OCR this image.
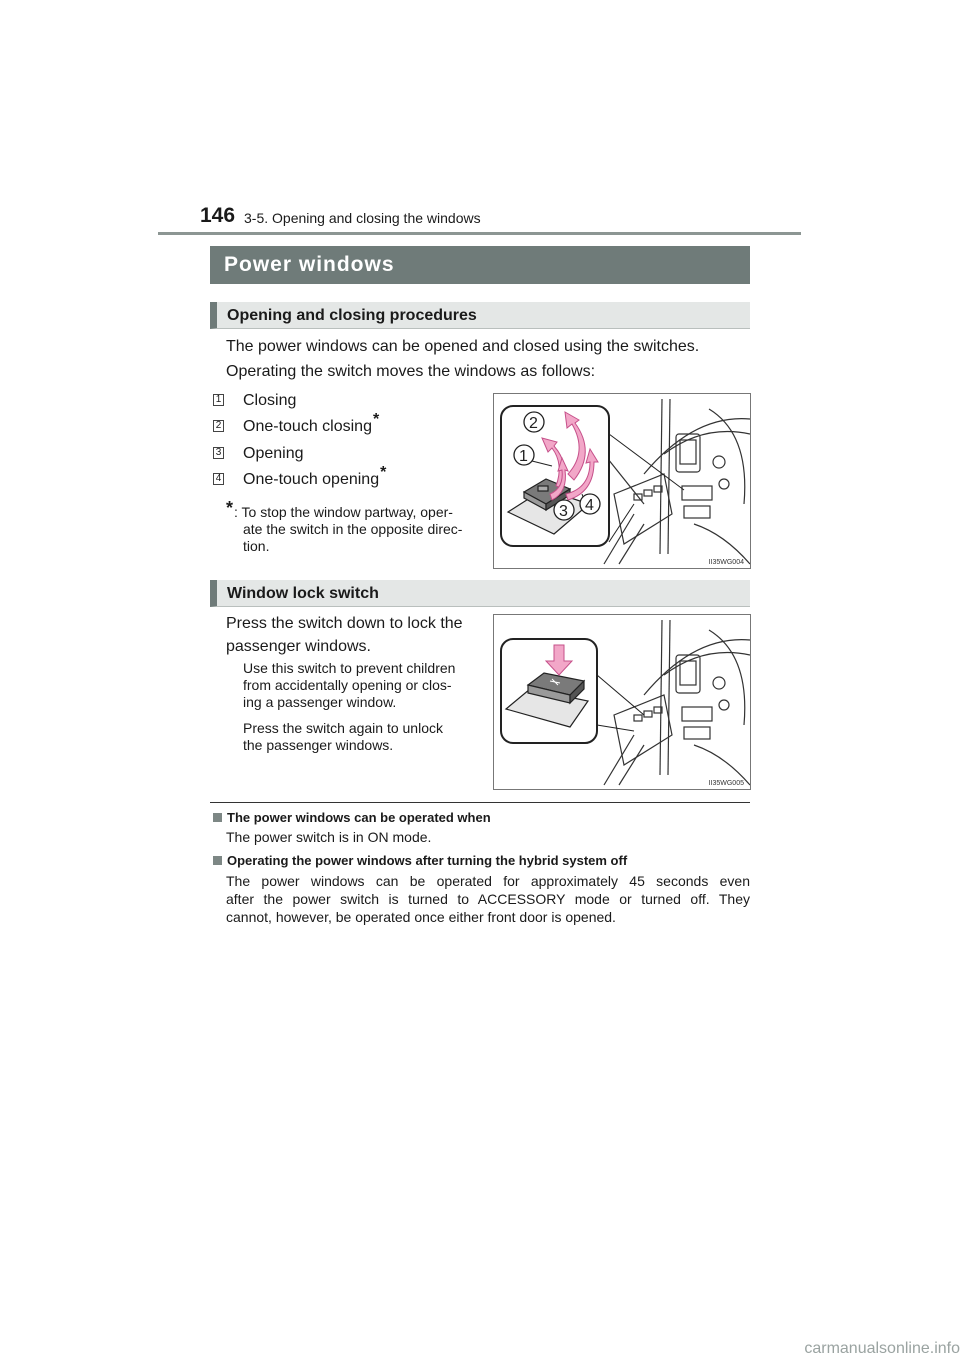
146 3-5. Opening and closing the windows
Power windows
Opening and closing procedures
The power windows can be opened and closed using the switches.
Operating the switch moves the windows as follows:
1 Closing
2 One-touch closing*
3 Opening
4 One-touch opening*
* : To stop the window partway, oper-
ate the switch in the opposite direc-
tion.
2
1
3 4
II35WG004
Window lock switch
Press the switch down to lock the
passenger windows.
Use this switch to prevent children
from accidentally opening or clos-
ing a passenger window.
Press the switch again to unlock
the passenger windows.
II35WG005
The power windows can be operated when
The power switch is in ON mode.
Operating the power windows after turning the hybrid system off
The power windows can be operated for approximately 45 seconds even
after the power switch is turned to ACCESSORY mode or turned off. They
cannot, however, be operated once either front door is opened.
carmanualsonline.info
